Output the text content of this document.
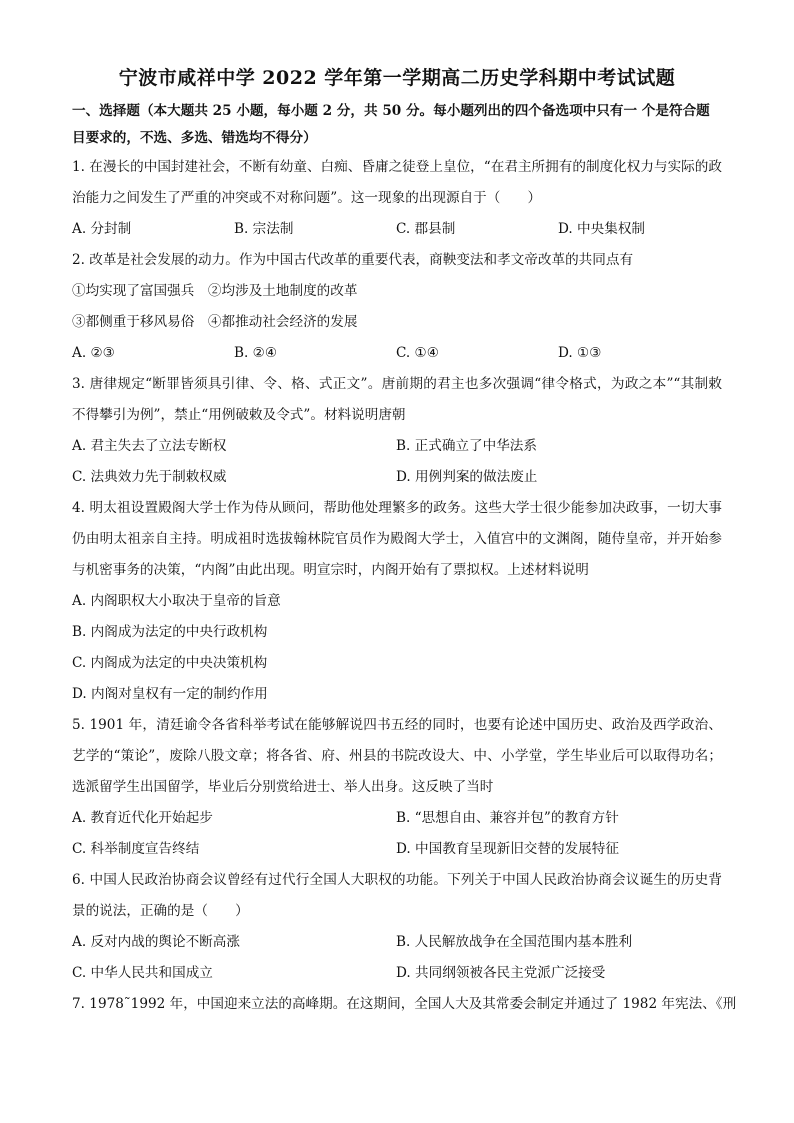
宁波市咸祥中学 2022 学年第一学期高二历史学科期中考试试题

一、选择题（本大题共 25 小题，每小题 2 分，共 50 分。每小题列出的四个备选项中只有一 个是符合题目要求的，不选、多选、错选均不得分）

1. 在漫长的中国封建社会，不断有幼童、白痴、昏庸之徒登上皇位，“在君主所拥有的制度化权力与实际的政治能力之间发生了严重的冲突或不对称问题”。这一现象的出现源自于（　　）

A. 分封制	B. 宗法制	C. 郡县制	D. 中央集权制

2. 改革是社会发展的动力。作为中国古代改革的重要代表，商鞅变法和孝文帝改革的共同点有

①均实现了富国强兵　②均涉及土地制度的改革

③都侧重于移风易俗　④都推动社会经济的发展

A. ②③	B. ②④	C. ①④	D. ①③

3. 唐律规定“断罪皆须具引律、令、格、式正文”。唐前期的君主也多次强调“律令格式，为政之本”“其制敕不得攀引为例”，禁止“用例破敕及令式”。材料说明唐朝

A. 君主失去了立法专断权	B. 正式确立了中华法系
C. 法典效力先于制敕权威	D. 用例判案的做法废止

4. 明太祖设置殿阁大学士作为侍从顾问，帮助他处理繁多的政务。这些大学士很少能参加决政事，一切大事仍由明太祖亲自主持。明成祖时选拔翰林院官员作为殿阁大学士，入值宫中的文渊阁，随侍皇帝，并开始参与机密事务的决策，“内阁”由此出现。明宣宗时，内阁开始有了票拟权。上述材料说明

A. 内阁职权大小取决于皇帝的旨意

B. 内阁成为法定的中央行政机构

C. 内阁成为法定的中央决策机构

D. 内阁对皇权有一定的制约作用

5. 1901 年，清廷谕令各省科举考试在能够解说四书五经的同时，也要有论述中国历史、政治及西学政治、艺学的“策论”，废除八股文章；将各省、府、州县的书院改设大、中、小学堂，学生毕业后可以取得功名；选派留学生出国留学，毕业后分别赏给进士、举人出身。这反映了当时

A. 教育近代化开始起步	B. “思想自由、兼容并包”的教育方针
C. 科举制度宣告终结	D. 中国教育呈现新旧交替的发展特征

6. 中国人民政治协商会议曾经有过代行全国人大职权的功能。下列关于中国人民政治协商会议诞生的历史背景的说法，正确的是（　　）

A. 反对内战的舆论不断高涨	B. 人民解放战争在全国范围内基本胜利
C. 中华人民共和国成立	D. 共同纲领被各民主党派广泛接受

7. 1978˜1992 年，中国迎来立法的高峰期。在这期间，全国人大及其常委会制定并通过了 1982 年宪法、《刑
